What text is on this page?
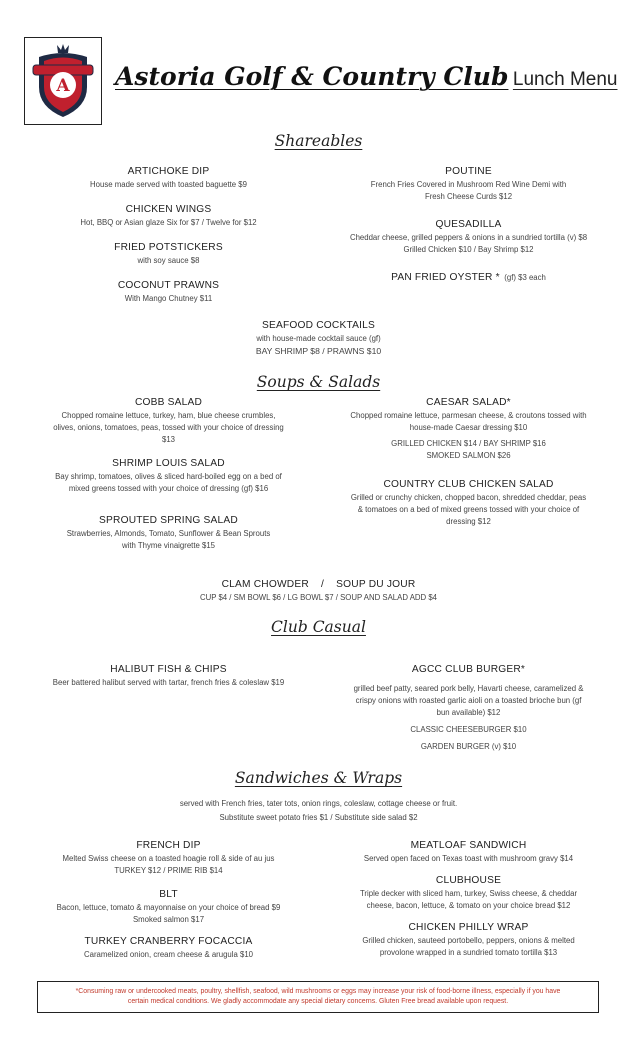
A Astoria Golf & Country Club Lunch Menu
Shareables
ARTICHOKE DIP
House made served with toasted baguette $9
CHICKEN WINGS
Hot, BBQ or Asian glaze Six for $7 / Twelve for $12
FRIED POTSTICKERS
with soy sauce $8
COCONUT PRAWNS
With Mango Chutney $11
POUTINE
French Fries Covered in Mushroom Red Wine Demi with
Fresh Cheese Curds $12
QUESADILLA
Cheddar cheese, grilled peppers & onions in a sundried tortilla (v) $8
Grilled Chicken $10 / Bay Shrimp $12
PAN FRIED OYSTER * (gf) $3 each
SEAFOOD COCKTAILS
with house-made cocktail sauce (gf)
BAY SHRIMP $8 / PRAWNS $10
Soups & Salads
COBB SALAD
Chopped romaine lettuce, turkey, ham, blue cheese crumbles,
olives, onions, tomatoes, peas, tossed with your choice of dressing
$13
SHRIMP LOUIS SALAD
Bay shrimp, tomatoes, olives & sliced hard-boiled egg on a bed of
mixed greens tossed with your choice of dressing (gf) $16
SPROUTED SPRING SALAD
Strawberries, Almonds, Tomato, Sunflower & Bean Sprouts
with Thyme vinaigrette $15
CAESAR SALAD*
Chopped romaine lettuce, parmesan cheese, & croutons tossed with
house-made Caesar dressing $10
GRILLED CHICKEN $14 / BAY SHRIMP $16
SMOKED SALMON $26
COUNTRY CLUB CHICKEN SALAD
Grilled or crunchy chicken, chopped bacon, shredded cheddar, peas
& tomatoes on a bed of mixed greens tossed with your choice of
dressing $12
CLAM CHOWDER    /    SOUP DU JOUR
CUP $4 / SM BOWL $6 / LG BOWL $7 / SOUP AND SALAD ADD $4
Club Casual
HALIBUT FISH & CHIPS
Beer battered halibut served with tartar, french fries & coleslaw $19
AGCC CLUB BURGER*
grilled beef patty, seared pork belly, Havarti cheese, caramelized &
crispy onions with roasted garlic aioli on a toasted brioche bun (gf
bun available) $12
CLASSIC CHEESEBURGER $10
GARDEN BURGER (v) $10
Sandwiches & Wraps
served with French fries, tater tots, onion rings, coleslaw, cottage cheese or fruit.
Substitute sweet potato fries $1 / Substitute side salad $2
FRENCH DIP
Melted Swiss cheese on a toasted hoagie roll & side of au jus
TURKEY $12 / PRIME RIB $14
BLT
Bacon, lettuce, tomato & mayonnaise on your choice of bread $9
Smoked salmon $17
TURKEY CRANBERRY FOCACCIA
Caramelized onion, cream cheese & arugula $10
MEATLOAF SANDWICH
Served open faced on Texas toast with mushroom gravy $14
CLUBHOUSE
Triple decker with sliced ham, turkey, Swiss cheese, & cheddar
cheese, bacon, lettuce, & tomato on your choice bread $12
CHICKEN PHILLY WRAP
Grilled chicken, sauteed portobello, peppers, onions & melted
provolone wrapped in a sundried tomato tortilla $13
*Consuming raw or undercooked meats, poultry, shellfish, seafood, wild mushrooms or eggs may increase your risk of food-borne illness, especially if you have
certain medical conditions. We gladly accommodate any special dietary concerns. Gluten Free bread available upon request.
